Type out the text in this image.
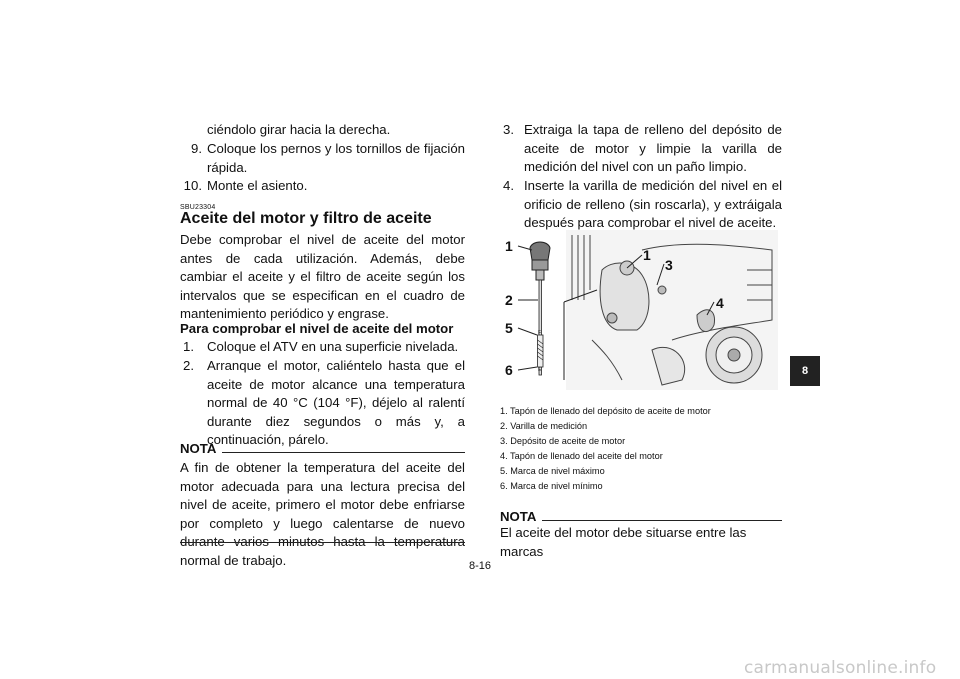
ciéndolo girar hacia la derecha.
9. Coloque los pernos y los tornillos de fijación rápida.
10. Monte el asiento.
SBU23304
Aceite del motor y filtro de aceite

Debe comprobar el nivel de aceite del motor antes de cada utilización. Además, debe cambiar el aceite y el filtro de aceite según los intervalos que se especifican en el cuadro de mantenimiento periódico y engrase.

Para comprobar el nivel de aceite del motor
1. Coloque el ATV en una superficie nivelada.
2. Arranque el motor, caliéntelo hasta que el aceite de motor alcance una temperatura normal de 40 °C (104 °F), déjelo al ralentí durante diez segundos o más y, a continuación, párelo.
NOTA

A fin de obtener la temperatura del aceite del motor adecuada para una lectura precisa del nivel de aceite, primero el motor debe enfriarse por completo y luego calentarse de nuevo durante varios minutos hasta la temperatura normal de trabajo.

3. Extraiga la tapa de relleno del depósito de aceite de motor y limpie la varilla de medición del nivel con un paño limpio.
4. Inserte la varilla de medición del nivel en el orificio de relleno (sin roscarla), y extráigala después para comprobar el nivel de aceite.
1
2
5
6
1
3
4
F
E
1. Tapón de llenado del depósito de aceite de motor
2. Varilla de medición
3. Depósito de aceite de motor
4. Tapón de llenado del aceite del motor
5. Marca de nivel máximo
6. Marca de nivel mínimo
NOTA
El aceite del motor debe situarse entre las marcas
8
8-16
carmanualsonline.info
